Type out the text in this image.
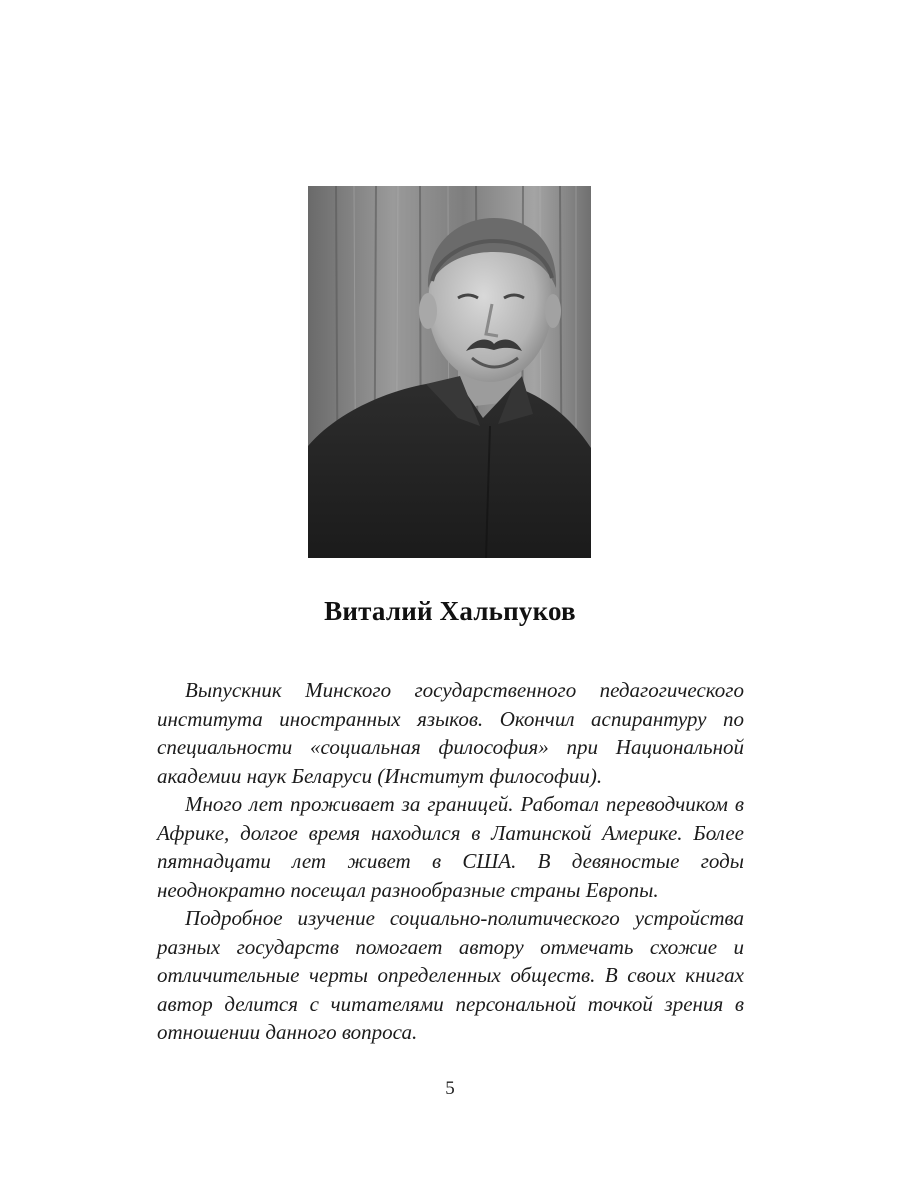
Виталий Хальпуков

Выпускник Минского государственного педагогического института иностранных языков. Окончил аспирантуру по специальности «социальная философия» при Национальной академии наук Беларуси (Институт философии).

Много лет проживает за границей. Работал переводчиком в Африке, долгое время находился в Латинской Америке. Более пятнадцати лет живет в США. В девяностые годы неоднократно посещал разнообразные страны Европы.

Подробное изучение социально-политического устройства разных государств помогает автору отмечать схожие и отличительные черты определенных обществ. В своих книгах автор делится с читателями персональной точкой зрения в отношении данного вопроса.

5
